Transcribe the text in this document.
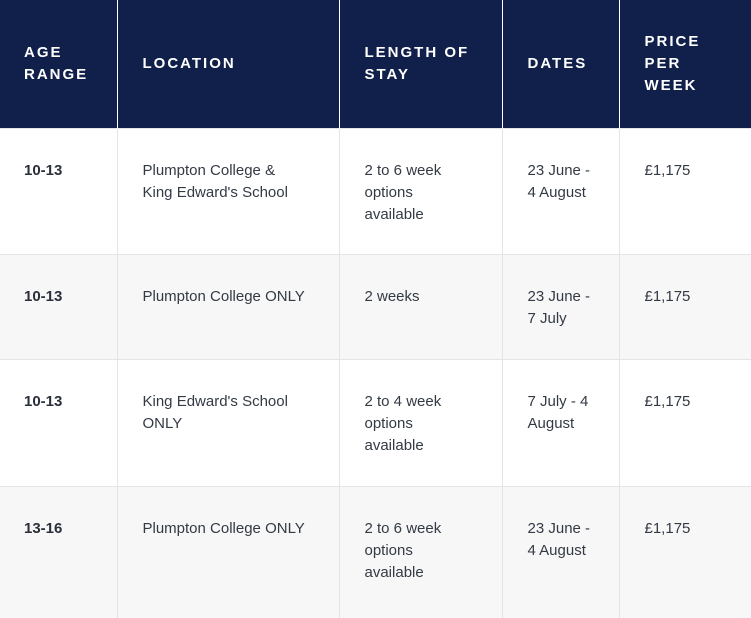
AGE RANGE	LOCATION	LENGTH OF STAY	DATES	PRICE PER WEEK

10-13	Plumpton College & King Edward's School	2 to 6 week options available	23 June - 4 August	£1,175

10-13	Plumpton College ONLY	2 weeks	23 June - 7 July	£1,175

10-13	King Edward's School ONLY	2 to 4 week options available	7 July - 4 August	£1,175

13-16	Plumpton College ONLY	2 to 6 week options available	23 June - 4 August	£1,175
